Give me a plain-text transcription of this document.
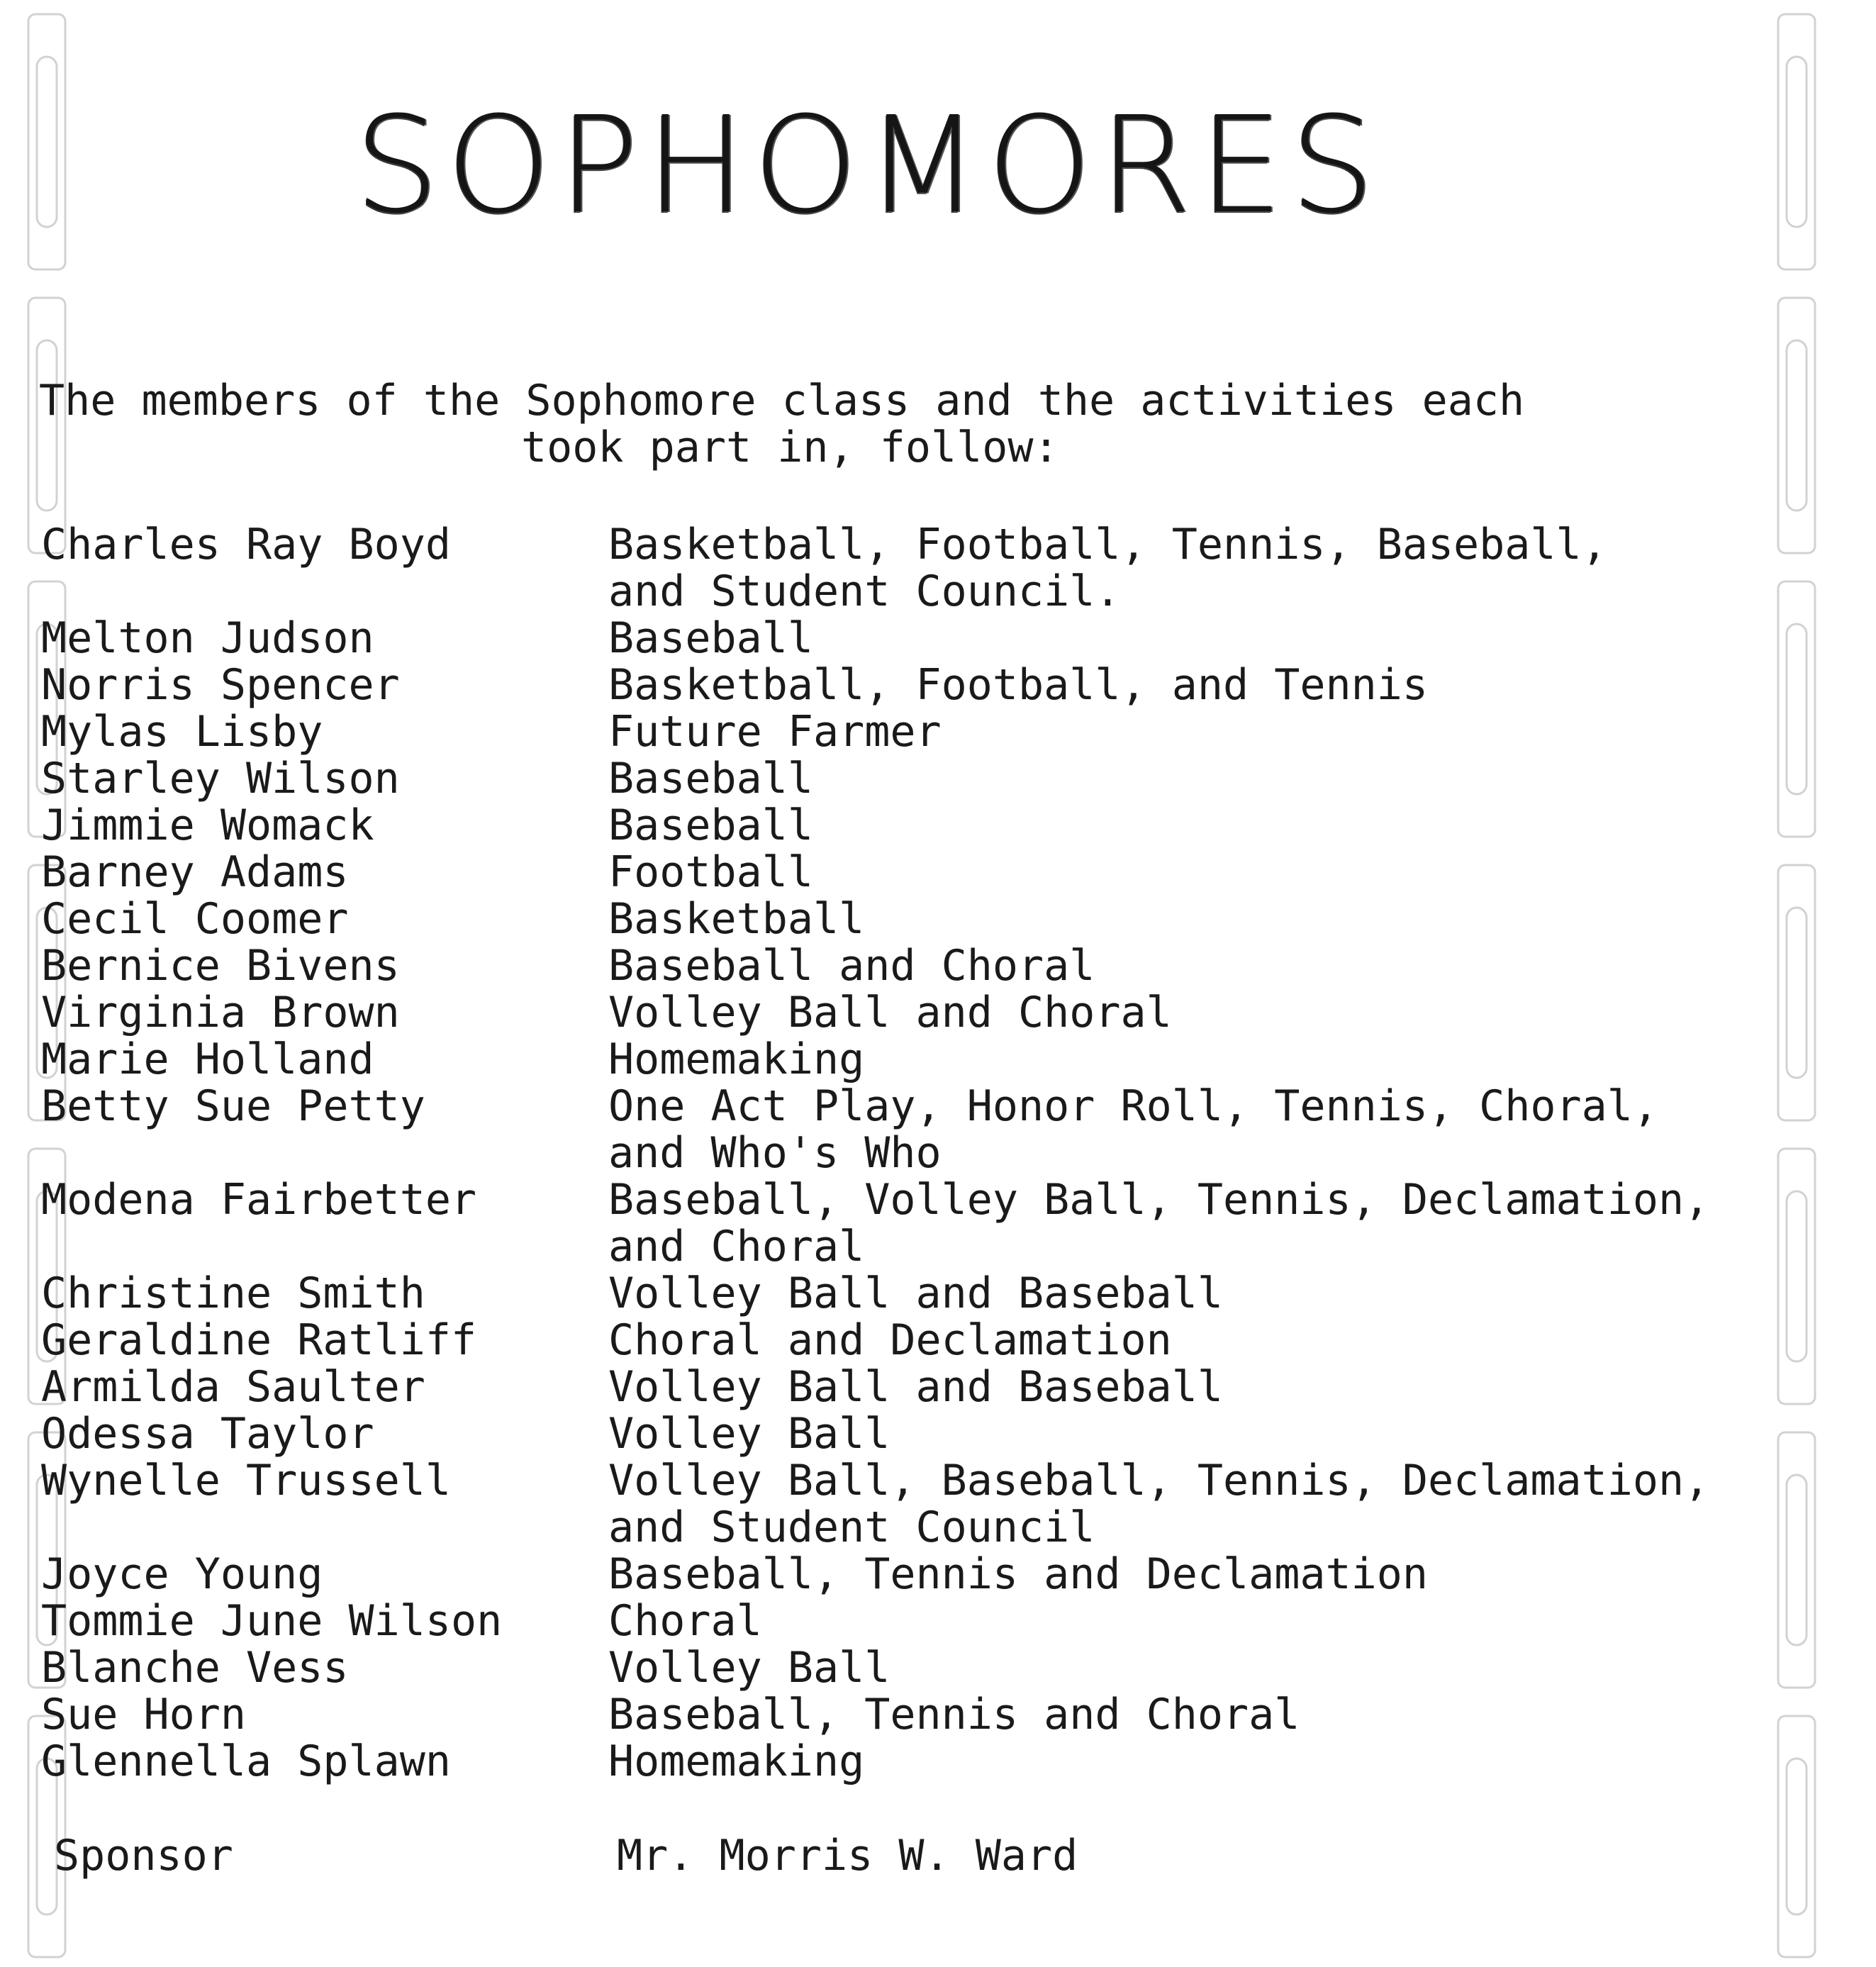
SOPHOMORES
The members of the Sophomore class and the activities each
took part in, follow:
Charles Ray Boyd -----	Basketball, Football, Tennis, Baseball,
and Student Council.
Melton Judson -----	Baseball
Norris Spencer -----	Basketball, Football, and Tennis
Mylas Lisby -----	Future Farmer
Starley Wilson -----	Baseball
Jimmie Womack -----	Baseball
Barney Adams -----	Football
Cecil Coomer -----	Basketball
Bernice Bivens -----	Baseball and Choral
Virginia Brown -----	Volley Ball and Choral
Marie Holland -----	Homemaking
Betty Sue Petty -----	One Act Play, Honor Roll, Tennis, Choral,
and Who's Who
Modena Fairbetter -----	Baseball, Volley Ball, Tennis, Declamation,
and Choral
Christine Smith -----	Volley Ball and Baseball
Geraldine Ratliff -----	Choral and Declamation
Armilda Saulter -----	Volley Ball and Baseball
Odessa Taylor -----	Volley Ball
Wynelle Trussell -----	Volley Ball, Baseball, Tennis, Declamation,
and Student Council
Joyce Young -----	Baseball, Tennis and Declamation
Tommie June Wilson -----	Choral
Blanche Vess -----	Volley Ball
Sue Horn -----	Baseball, Tennis and Choral
Glennella Splawn -----	Homemaking
Sponsor	Mr. Morris W. Ward
